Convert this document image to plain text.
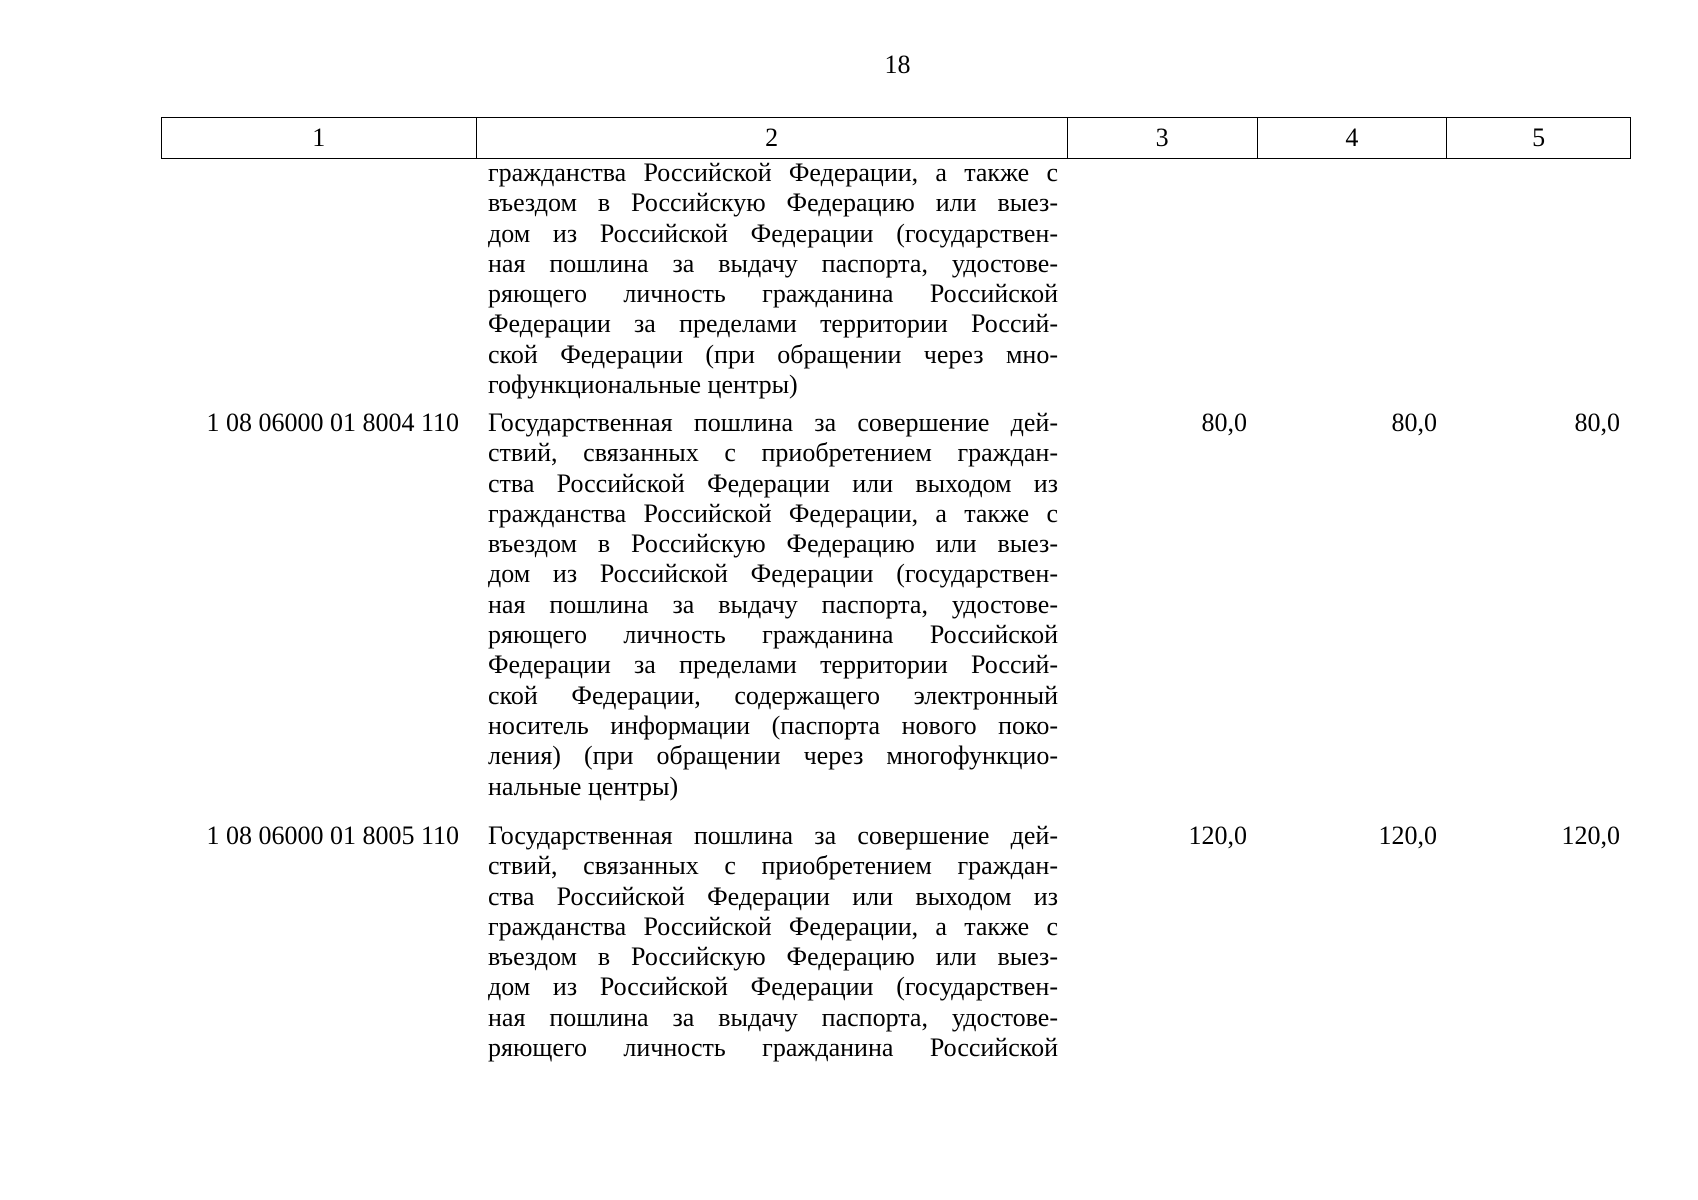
18
1	2	3	4	5
гражданства Российской Федерации, а также с
въездом в Российскую Федерацию или выез-
дом из Российской Федерации (государствен-
ная пошлина за выдачу паспорта, удостове-
ряющего личность гражданина Российской
Федерации за пределами территории Россий-
ской Федерации (при обращении через мно-
гофункциональные центры)
1 08 06000 01 8004 110 Государственная пошлина за совершение дей-
ствий, связанных с приобретением граждан-
ства Российской Федерации или выходом из
гражданства Российской Федерации, а также с
въездом в Российскую Федерацию или выез-
дом из Российской Федерации (государствен-
ная пошлина за выдачу паспорта, удостове-
ряющего личность гражданина Российской
Федерации за пределами территории Россий-
ской Федерации, содержащего электронный
носитель информации (паспорта нового поко-
ления) (при обращении через многофункцио-
нальные центры)
80,0	80,0	80,0
1 08 06000 01 8005 110 Государственная пошлина за совершение дей-
ствий, связанных с приобретением граждан-
ства Российской Федерации или выходом из
гражданства Российской Федерации, а также с
въездом в Российскую Федерацию или выез-
дом из Российской Федерации (государствен-
ная пошлина за выдачу паспорта, удостове-
ряющего личность гражданина Российской
120,0	120,0	120,0
